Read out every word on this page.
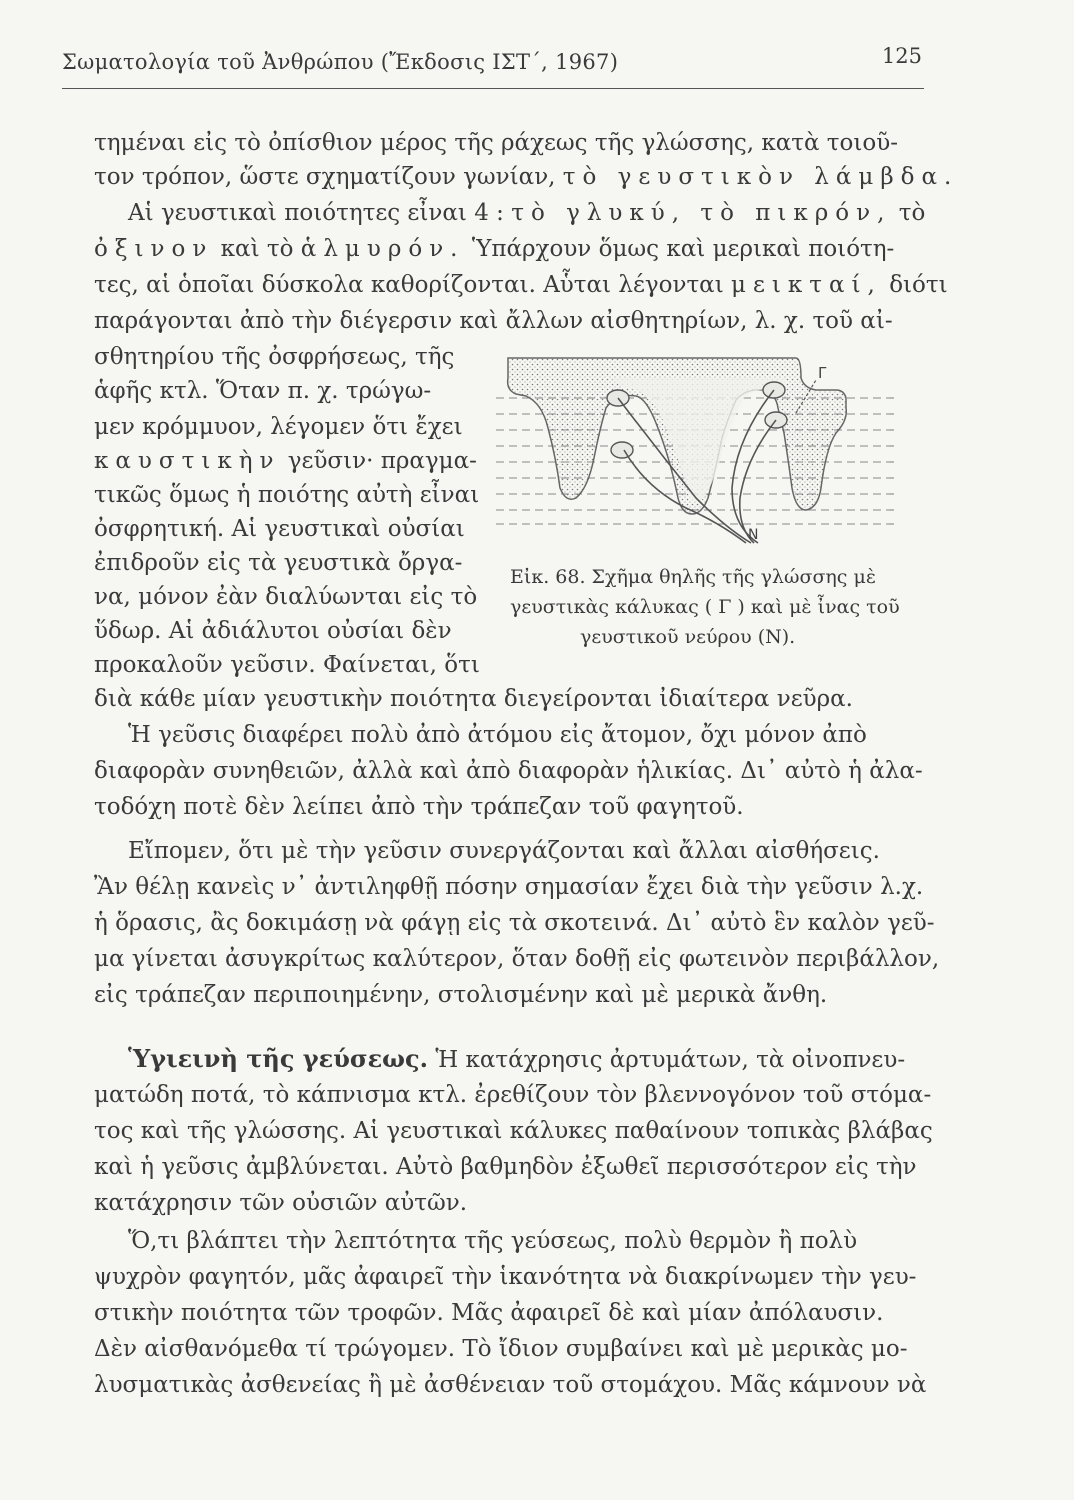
Σωματολογία τοῦ Ἀνθρώπου (Ἔκδοσις ΙΣΤ΄, 1967)	125
τημέναι εἰς τὸ ὀπίσθιον μέρος τῆς ράχεως τῆς γλώσσης, κατὰ τοιοῦ-
τον τρόπον, ὥστε σχηματίζουν γωνίαν, τὸ γευστικὸν λάμβδα.
Αἱ γευστικαὶ ποιότητες εἶναι 4 : τὸ γλυκύ, τὸ πικρόν, τὸ
ὀξινον καὶ τὸ ἁλμυρόν. Ὑπάρχουν ὅμως καὶ μερικαὶ ποιότη-
τες, αἱ ὁποῖαι δύσκολα καθορίζονται. Αὗται λέγονται μεικταί, διότι
παράγονται ἀπὸ τὴν διέγερσιν καὶ ἄλλων αἰσθητηρίων, λ. χ. τοῦ αἰ-
σθητηρίου τῆς ὀσφρήσεως, τῆς
ἁφῆς κτλ. Ὅταν π. χ. τρώγω-
μεν κρόμμυον, λέγομεν ὅτι ἔχει
καυστικὴν γεῦσιν· πραγμα-
τικῶς ὅμως ἡ ποιότης αὐτὴ εἶναι
ὀσφρητική. Αἱ γευστικαὶ οὐσίαι
ἐπιδροῦν εἰς τὰ γευστικὰ ὄργα-
να, μόνον ἐὰν διαλύωνται εἰς τὸ
ὕδωρ. Αἱ ἀδιάλυτοι οὐσίαι δὲν
προκαλοῦν γεῦσιν. Φαίνεται, ὅτι
διὰ κάθε μίαν γευστικὴν ποιότητα διεγείρονται ἰδιαίτερα νεῦρα.
Γ
N
Εἰκ. 68. Σχῆμα θηλῆς τῆς γλώσσης μὲ
γευστικὰς κάλυκας ( Γ ) καὶ μὲ ἶνας τοῦ
γευστικοῦ νεύρου (N).
Ἡ γεῦσις διαφέρει πολὺ ἀπὸ ἀτόμου εἰς ἄτομον, ὄχι μόνον ἀπὸ
διαφορὰν συνηθειῶν, ἀλλὰ καὶ ἀπὸ διαφορὰν ἡλικίας. Δι᾽ αὐτὸ ἡ ἀλα-
τοδόχη ποτὲ δὲν λείπει ἀπὸ τὴν τράπεζαν τοῦ φαγητοῦ.
Εἴπομεν, ὅτι μὲ τὴν γεῦσιν συνεργάζονται καὶ ἄλλαι αἰσθήσεις.
Ἂν θέλῃ κανεὶς ν᾽ ἀντιληφθῇ πόσην σημασίαν ἔχει διὰ τὴν γεῦσιν λ.χ.
ἡ ὅρασις, ἂς δοκιμάσῃ νὰ φάγῃ εἰς τὰ σκοτεινά. Δι᾽ αὐτὸ ἓν καλὸν γεῦ-
μα γίνεται ἀσυγκρίτως καλύτερον, ὅταν δοθῇ εἰς φωτεινὸν περιβάλλον,
εἰς τράπεζαν περιποιημένην, στολισμένην καὶ μὲ μερικὰ ἄνθη.
Ὑγιεινὴ τῆς γεύσεως. Ἡ κατάχρησις ἀρτυμάτων, τὰ οἰνοπνευ-
ματώδη ποτά, τὸ κάπνισμα κτλ. ἐρεθίζουν τὸν βλεννογόνον τοῦ στόμα-
τος καὶ τῆς γλώσσης. Αἱ γευστικαὶ κάλυκες παθαίνουν τοπικὰς βλάβας
καὶ ἡ γεῦσις ἀμβλύνεται. Αὐτὸ βαθμηδὸν ἐξωθεῖ περισσότερον εἰς τὴν
κατάχρησιν τῶν οὐσιῶν αὐτῶν.
Ὅ,τι βλάπτει τὴν λεπτότητα τῆς γεύσεως, πολὺ θερμὸν ἢ πολὺ
ψυχρὸν φαγητόν, μᾶς ἀφαιρεῖ τὴν ἱκανότητα νὰ διακρίνωμεν τὴν γευ-
στικὴν ποιότητα τῶν τροφῶν. Μᾶς ἀφαιρεῖ δὲ καὶ μίαν ἀπόλαυσιν.
Δὲν αἰσθανόμεθα τί τρώγομεν. Τὸ ἴδιον συμβαίνει καὶ μὲ μερικὰς μο-
λυσματικὰς ἀσθενείας ἢ μὲ ἀσθένειαν τοῦ στομάχου. Μᾶς κάμνουν νὰ
